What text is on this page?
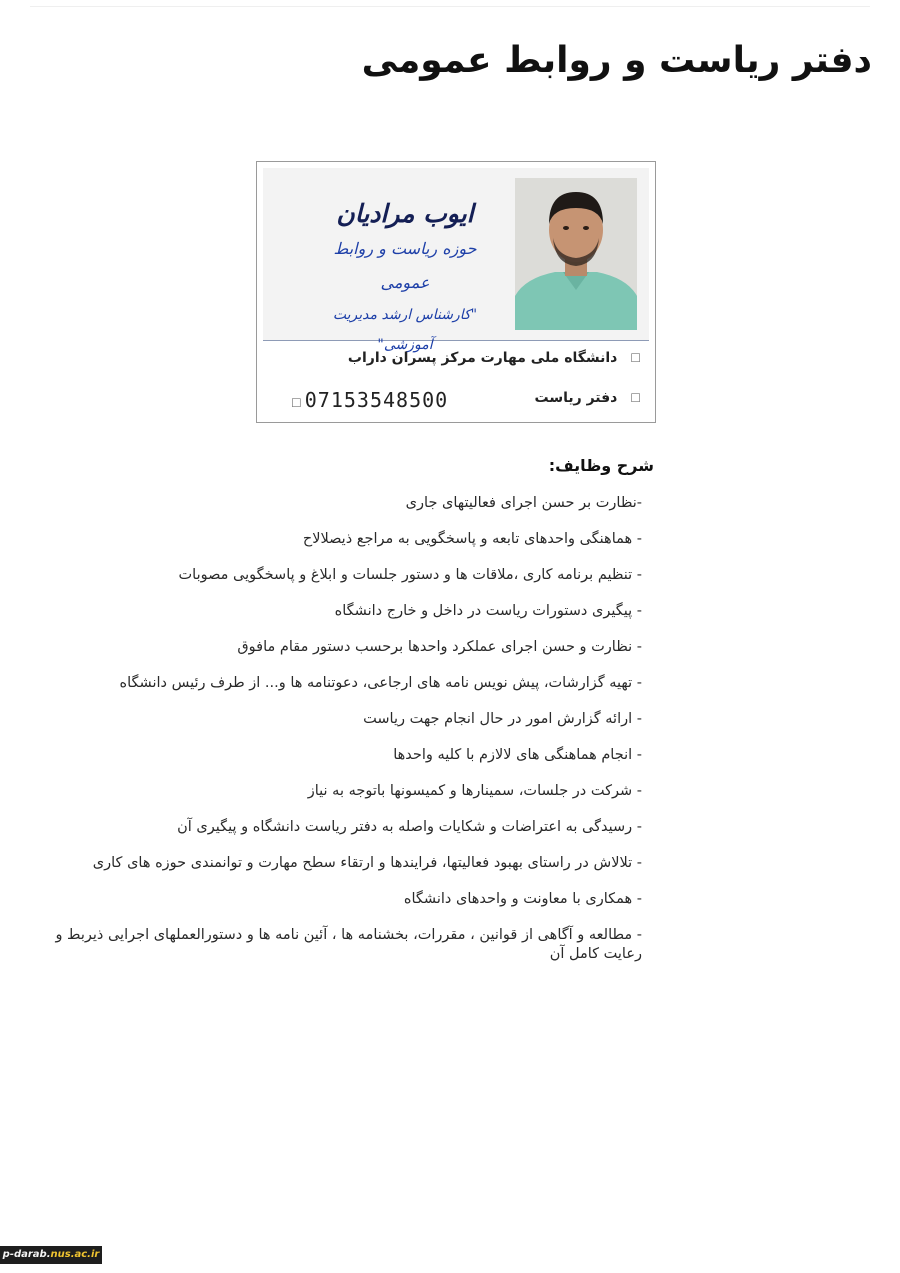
دفتر ریاست و روابط عمومی
ایوب مرادیان
حوزه ریاست و روابط عمومی
"کارشناس ارشد مدیریت آموزشی"
☐ دانشگاه ملی مهارت مرکز پسران داراب
☐ دفتر ریاست
☐ 07153548500
شرح وظایف:
-نظارت بر حسن اجرای فعالیتهای جاری
- هماهنگی واحدهای تابعه و پاسخگویی به مراجع ذیصلالاح
- تنظیم برنامه کاری ،ملاقات ها و دستور جلسات و ابلاغ و پاسخگویی مصوبات
- پیگیری دستورات ریاست در داخل و خارج دانشگاه
- نظارت و حسن اجرای عملکرد واحدها برحسب دستور مقام مافوق
- تهیه گزارشات، پیش نویس نامه های ارجاعی، دعوتنامه ها و... از طرف رئیس دانشگاه
- ارائه گزارش امور در حال انجام جهت ریاست
- انجام هماهنگی های لالازم با کلیه واحدها
- شرکت در جلسات، سمینارها و کمیسونها باتوجه به نیاز
- رسیدگی به اعتراضات و شکایات واصله به دفتر ریاست دانشگاه و پیگیری آن
- تلالاش در راستای بهبود فعالیتها، فرایندها و ارتقاء سطح مهارت و توانمندی حوزه های کاری
- همکاری با معاونت و واحدهای دانشگاه
- مطالعه و آگاهی از قوانین ، مقررات، بخشنامه ها ، آئین نامه ها و دستورالعملهای اجرایی ذیربط و رعایت کامل آن
p-darab.nus.ac.ir
